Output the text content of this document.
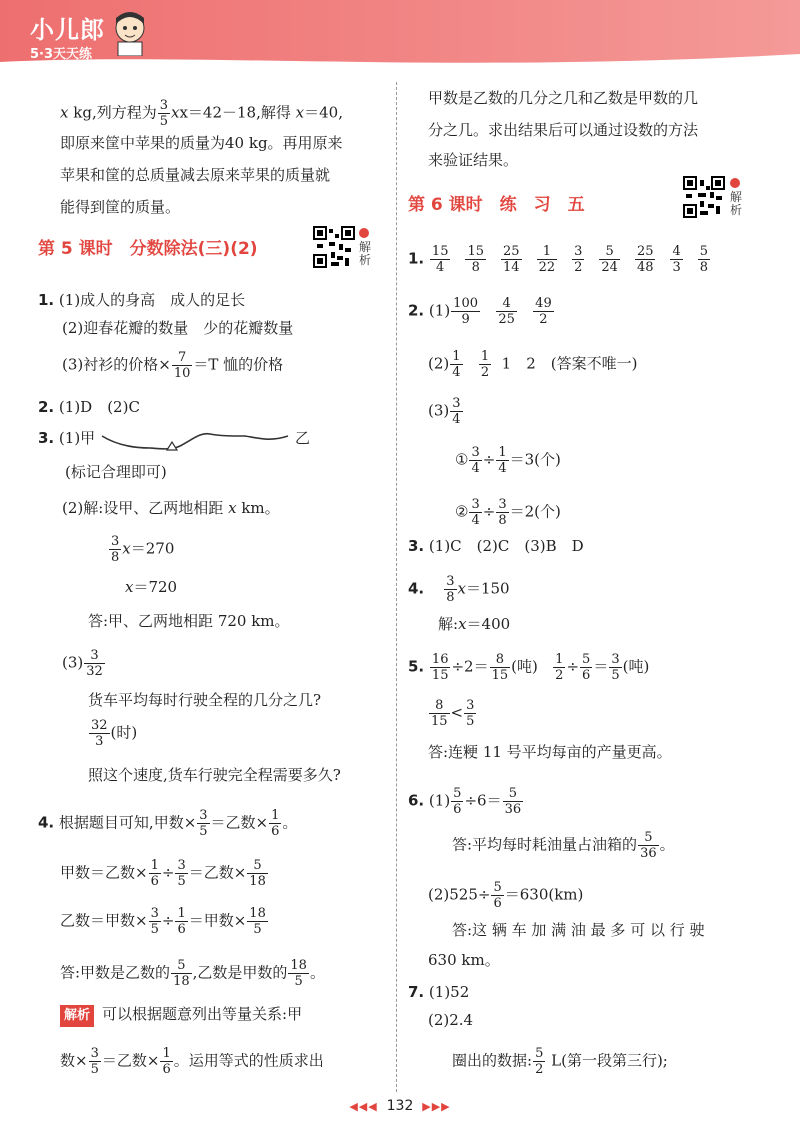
小儿郎
5·3天天练
x kg,列方程为 $\frac{3}{5} xx=42-18$,解得 x＝40,
即原来筐中苹果的质量为40 kg。再用原来
苹果和筐的总质量减去原来苹果的质量就
能得到筐的质量。
第 5 课时　分数除法(三)(2)	解析
1. (1)成人的身高　成人的足长
(2)迎春花瓣的数量　少的花瓣数量
(3)衬衫的价格× $\frac{7}{10} =T$ 恤的价格
2. (1)D　(2)C
3. (1)甲	乙
(标记合理即可)
(2)解:设甲、乙两地相距 x km。
$\frac{3}{8} x=270$
x＝720
答:甲、乙两地相距 720 km。
$(3) \frac{3}{32}$
货车平均每时行驶全程的几分之几?
$\frac{32}{3}$ (时)
照这个速度,货车行驶完全程需要多久?
4. 根据题目可知,甲数× $\frac{3}{5}$ ＝乙数× $\frac{1}{6}$ 。
甲数＝乙数× $\frac{1}{6} \div \frac{3}{5}$ ＝乙数× $\frac{5}{18}$
乙数＝甲数× $\frac{3}{5} \div \frac{1}{6}$ ＝甲数× $\frac{18}{5}$
答:甲数是乙数的 $\frac{5}{18}$ ,乙数是甲数的 $\frac{18}{5}$ 。
解析 可以根据题意列出等量关系:甲
数× $\frac{3}{5}$ ＝乙数× $\frac{1}{6}$ 。运用等式的性质求出
甲数是乙数的几分之几和乙数是甲数的几
分之几。求出结果后可以通过设数的方法
来验证结果。
第 6 课时　练　习　五	解析
1. $\frac{15}{4} \frac{15}{8} \frac{25}{14} \frac{1}{22} \frac{3}{2} \frac{5}{24} \frac{25}{48} \frac{4}{3} \frac{5}{8}$
2. $(1) \frac{100}{9}$
$\frac{4}{25}$
$\frac{49}{2}$
$(2) \frac{1}{4}$
$\frac{1}{2} 1$　2　(答案不唯一)
$(3) \frac{3}{4}$
① $\frac{3}{4} \div \frac{1}{4} =3$(个)
② $\frac{3}{4} \div \frac{3}{8} =2$(个)
3. (1)C　(2)C　(3)B　D
4. $\frac{3}{8} x=150$
解:x＝400
5. $\frac{16}{15} \div 2= \frac{8}{15}$ (吨) $\frac{1}{2} \div \frac{5}{6} = \frac{3}{5}$ (吨)
$\frac{8}{15} < \frac{3}{5}$
答:连粳 11 号平均每亩的产量更高。
6. $(1) \frac{5}{6} \div 6= \frac{5}{36}$
答:平均每时耗油量占油箱的 $\frac{5}{36}$ 。
$(2)525\div \frac{5}{6} =630(km)$
答:这 辆 车 加 满 油 最 多 可 以 行 驶
630 km。
7. (1)52
(2)2.4
圈出的数据: $\frac{5}{2} L$(第一段第三行);
◀◀◀ 132 ▶▶▶
